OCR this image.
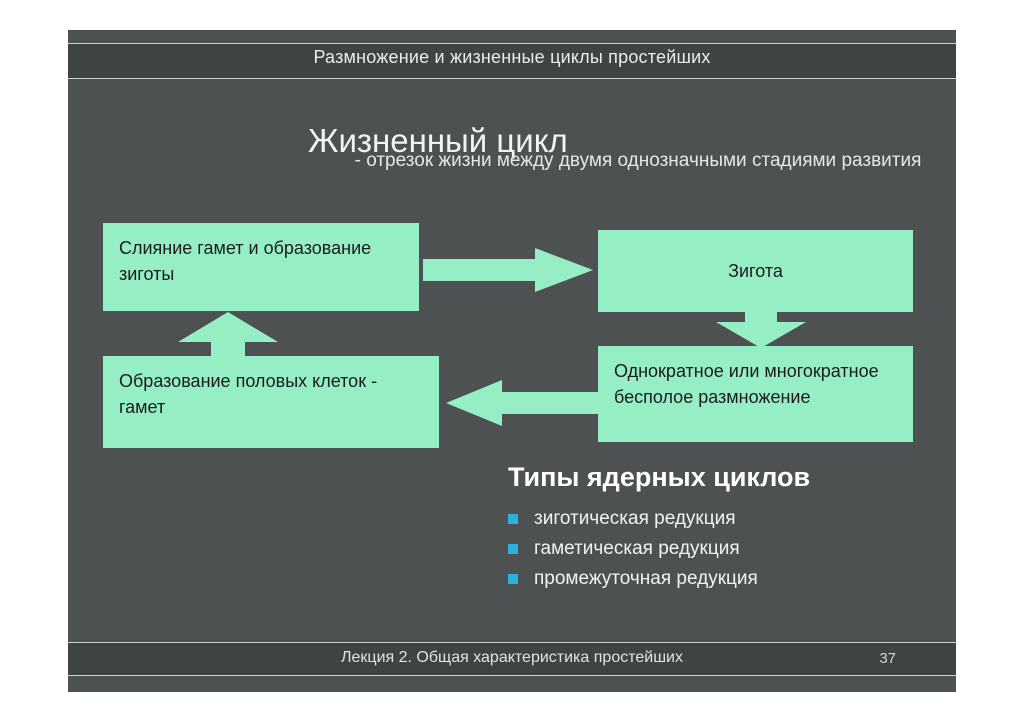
Размножение и жизненные циклы простейших
Жизненный цикл
- отрезок жизни между двумя однозначными стадиями развития
Слияние гамет и образование зиготы	Зигота
Однократное или многократное бесполое размножение
Образование половых клеток - гамет
Типы ядерных циклов
зиготическая редукция
гаметическая редукция
промежуточная редукция
Лекция 2. Общая характеристика простейших	37
